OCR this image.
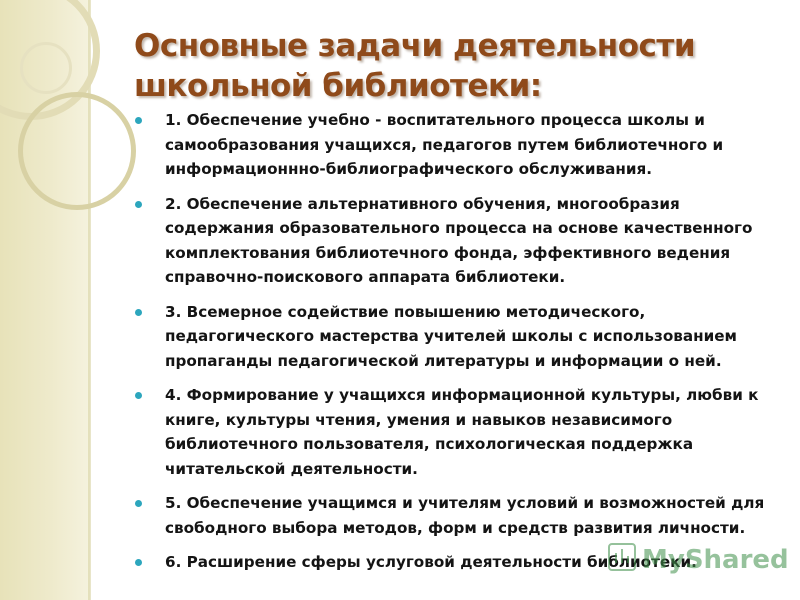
Основные задачи деятельности
школьной библиотеки:
1. Обеспечение учебно - воспитательного процесса школы и
самообразования учащихся, педагогов путем библиотечного и
информационнно-библиографического обслуживания.
2. Обеспечение альтернативного обучения, многообразия
содержания образовательного процесса на основе качественного
комплектования библиотечного фонда, эффективного ведения
справочно-поискового аппарата библиотеки.
3. Всемерное содействие повышению методического,
педагогического мастерства учителей школы с использованием
пропаганды педагогической литературы и информации о ней.
4. Формирование у учащихся информационной культуры, любви к
книге, культуры чтения, умения и навыков независимого
библиотечного пользователя, психологическая поддержка
читательской деятельности.
5. Обеспечение учащимся и учителям условий и возможностей для
свободного выбора методов, форм и средств развития личности.
6. Расширение сферы услуговой деятельности библиотеки.
MyShared
